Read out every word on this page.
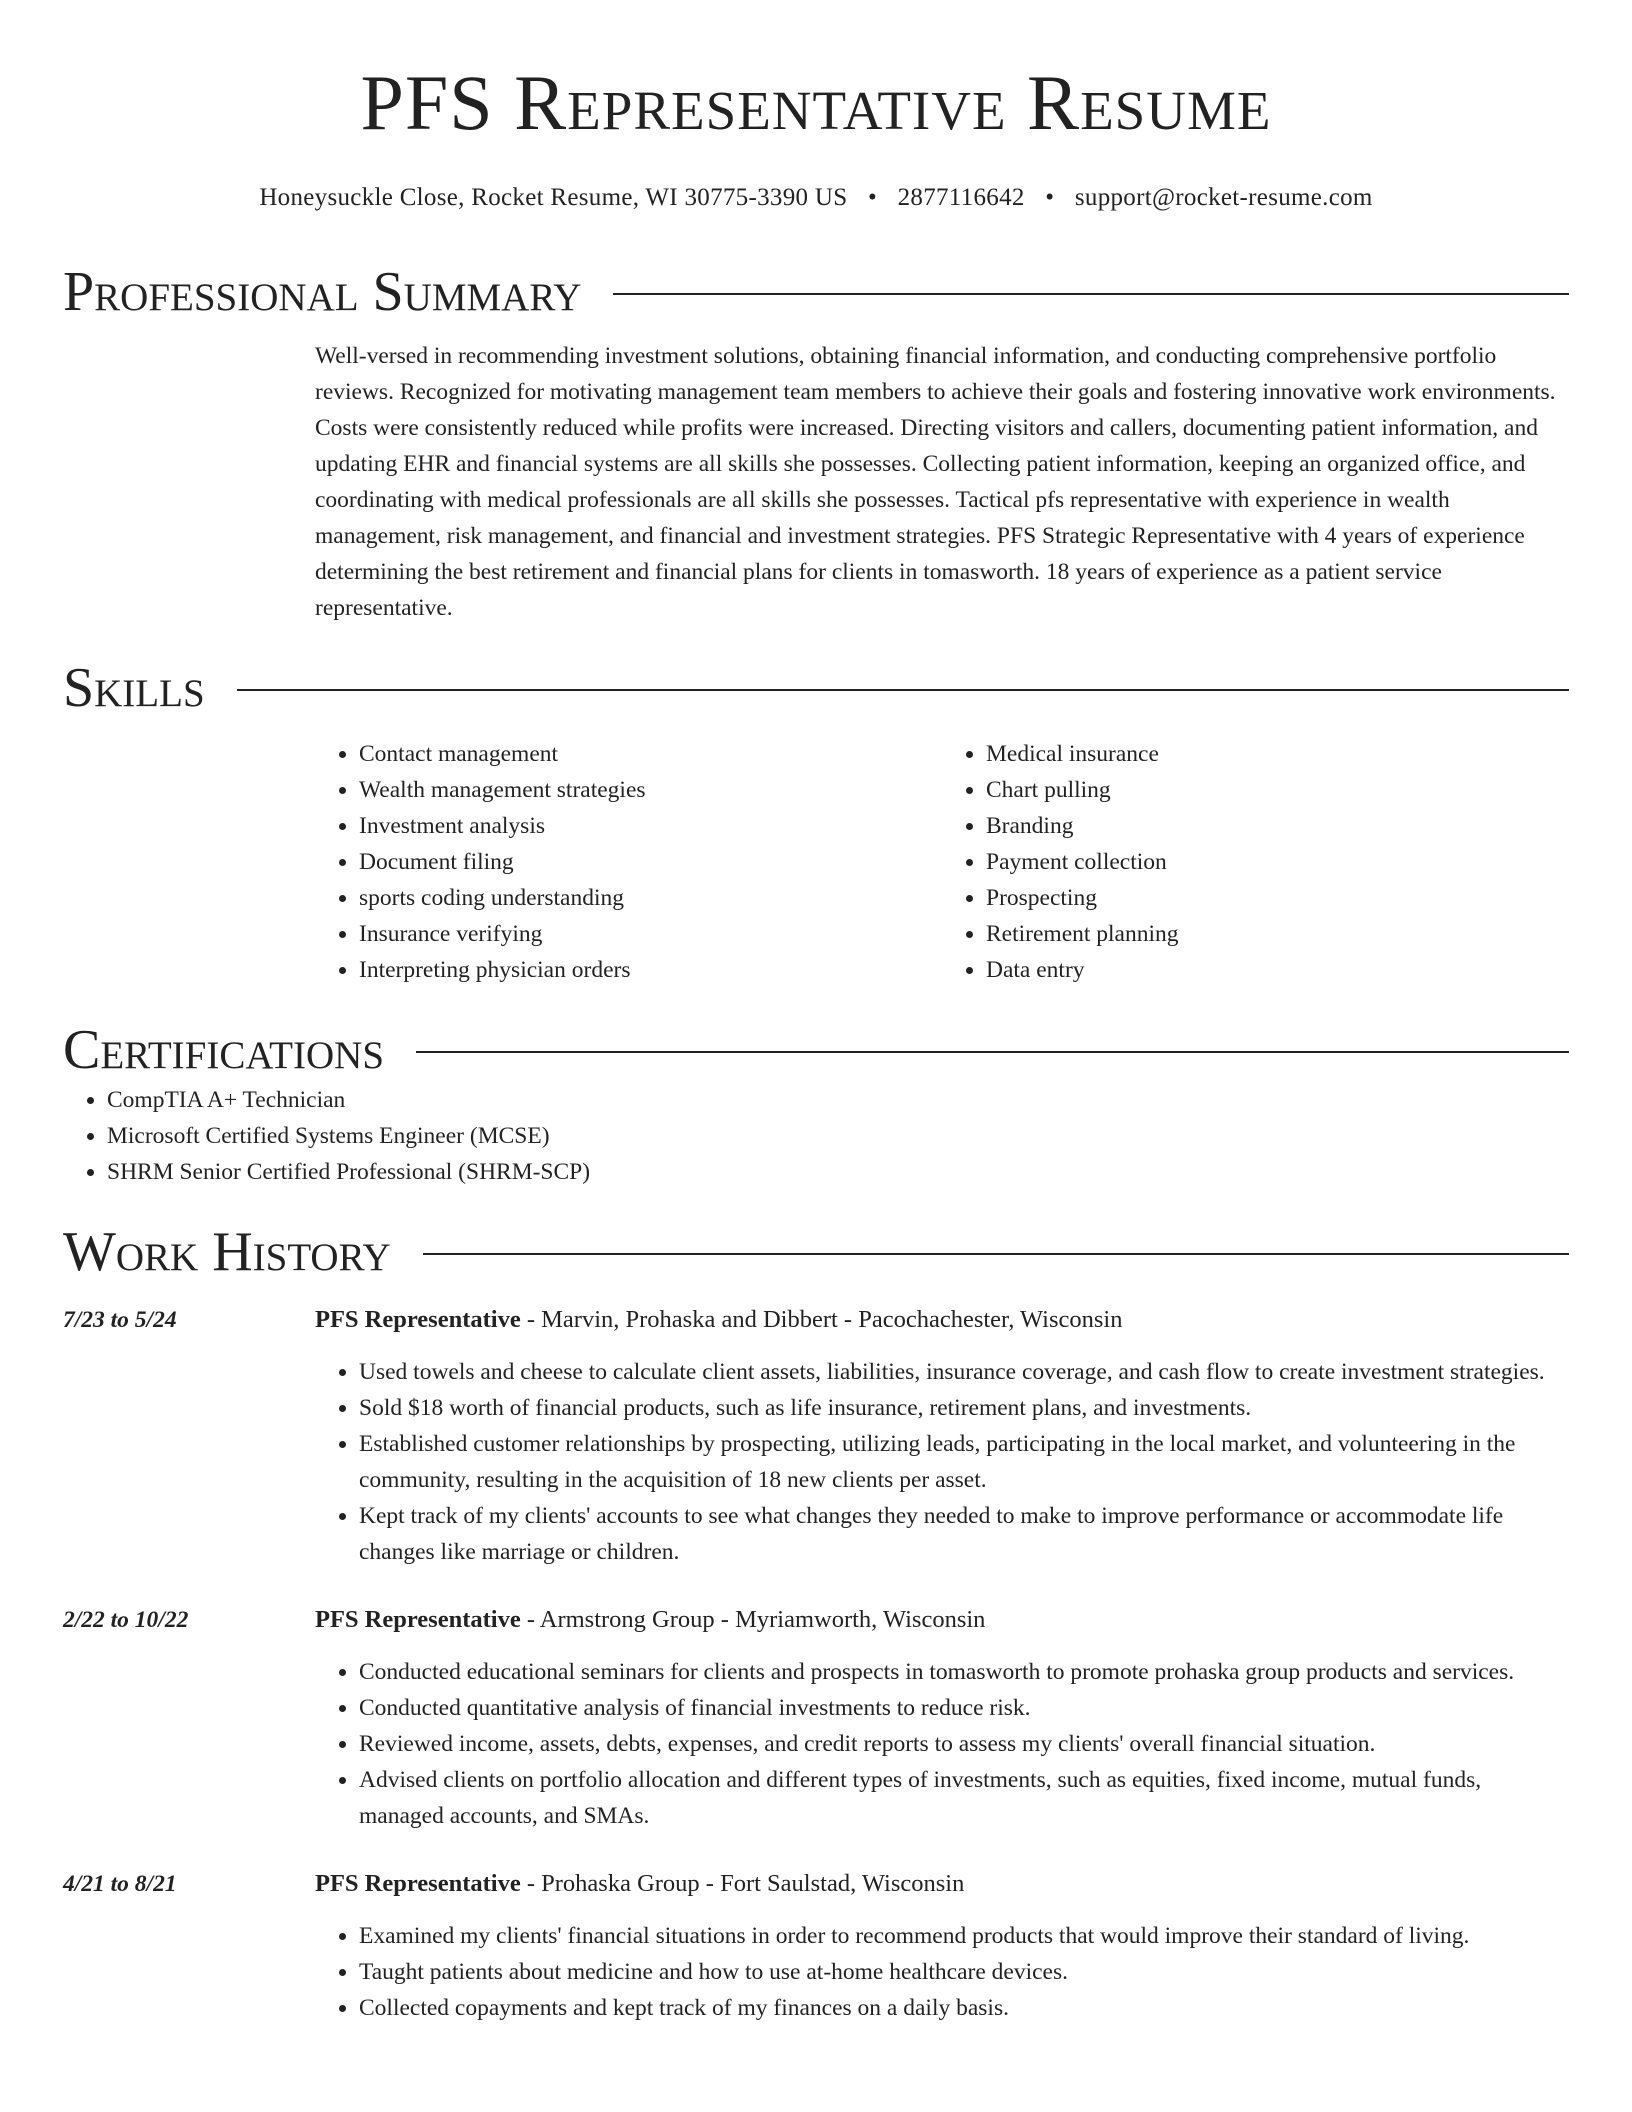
PFS Representative Resume
Honeysuckle Close, Rocket Resume, WI 30775-3390 US • 2877116642 • support@rocket-resume.com
Professional Summary

Well-versed in recommending investment solutions, obtaining financial information, and conducting comprehensive portfolio reviews. Recognized for motivating management team members to achieve their goals and fostering innovative work environments. Costs were consistently reduced while profits were increased. Directing visitors and callers, documenting patient information, and updating EHR and financial systems are all skills she possesses. Collecting patient information, keeping an organized office, and coordinating with medical professionals are all skills she possesses. Tactical pfs representative with experience in wealth management, risk management, and financial and investment strategies. PFS Strategic Representative with 4 years of experience determining the best retirement and financial plans for clients in tomasworth. 18 years of experience as a patient service representative.

Skills
• Contact management
• Wealth management strategies
• Investment analysis
• Document filing
• sports coding understanding
• Insurance verifying
• Interpreting physician orders
• Medical insurance
• Chart pulling
• Branding
• Payment collection
• Prospecting
• Retirement planning
• Data entry
Certifications
• CompTIA A+ Technician
• Microsoft Certified Systems Engineer (MCSE)
• SHRM Senior Certified Professional (SHRM-SCP)
Work History
7/23 to 5/24	PFS Representative - Marvin, Prohaska and Dibbert - Pacochachester, Wisconsin
• Used towels and cheese to calculate client assets, liabilities, insurance coverage, and cash flow to create investment strategies.
• Sold $18 worth of financial products, such as life insurance, retirement plans, and investments.
• Established customer relationships by prospecting, utilizing leads, participating in the local market, and volunteering in the community, resulting in the acquisition of 18 new clients per asset.
• Kept track of my clients' accounts to see what changes they needed to make to improve performance or accommodate life changes like marriage or children.
2/22 to 10/22	PFS Representative - Armstrong Group - Myriamworth, Wisconsin
• Conducted educational seminars for clients and prospects in tomasworth to promote prohaska group products and services.
• Conducted quantitative analysis of financial investments to reduce risk.
• Reviewed income, assets, debts, expenses, and credit reports to assess my clients' overall financial situation.
• Advised clients on portfolio allocation and different types of investments, such as equities, fixed income, mutual funds, managed accounts, and SMAs.
4/21 to 8/21	PFS Representative - Prohaska Group - Fort Saulstad, Wisconsin
• Examined my clients' financial situations in order to recommend products that would improve their standard of living.
• Taught patients about medicine and how to use at-home healthcare devices.
• Collected copayments and kept track of my finances on a daily basis.
